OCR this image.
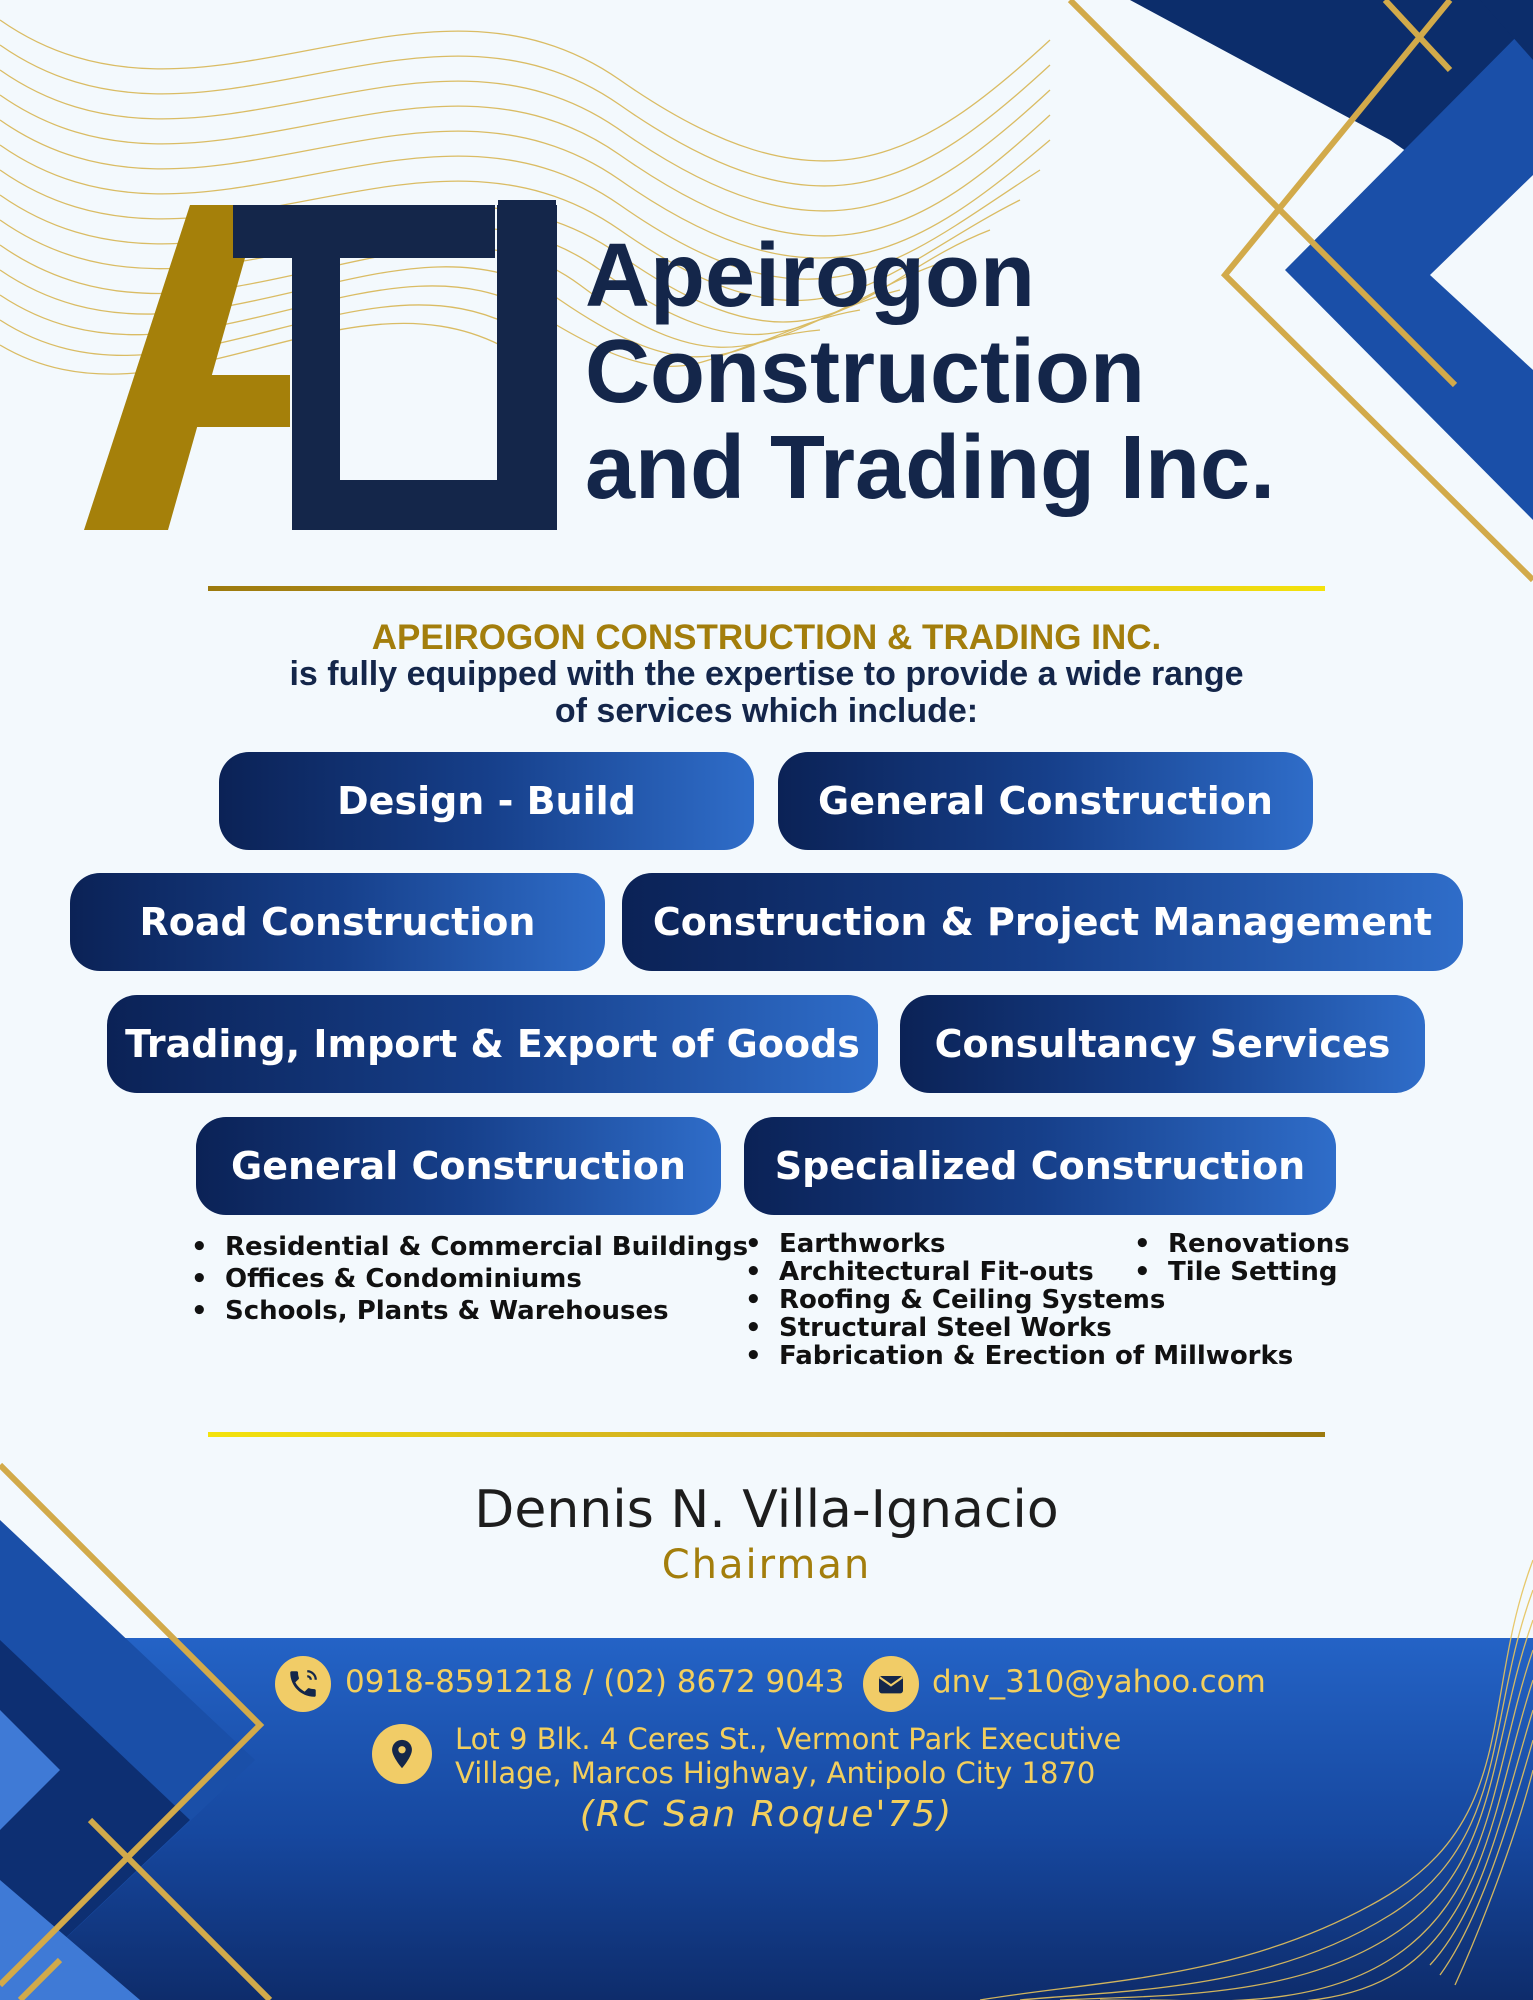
Apeirogon
Construction
and Trading Inc.
APEIROGON CONSTRUCTION & TRADING INC.
is fully equipped with the expertise to provide a wide range
of services which include:
Design - Build	General Construction
Road Construction	Construction & Project Management
Trading, Import & Export of Goods	Consultancy Services
General Construction	Specialized Construction
• Residential & Commercial Buildings
• Offices & Condominiums
• Schools, Plants & Warehouses
• Earthworks
• Architectural Fit-outs
• Roofing & Ceiling Systems
• Structural Steel Works
• Fabrication & Erection of Millworks
• Renovations
• Tile Setting
Dennis N. Villa-Ignacio
Chairman
0918-8591218 / (02) 8672 9043	dnv_310@yahoo.com
Lot 9 Blk. 4 Ceres St., Vermont Park Executive
Village, Marcos Highway, Antipolo City 1870
(RC San Roque'75)
